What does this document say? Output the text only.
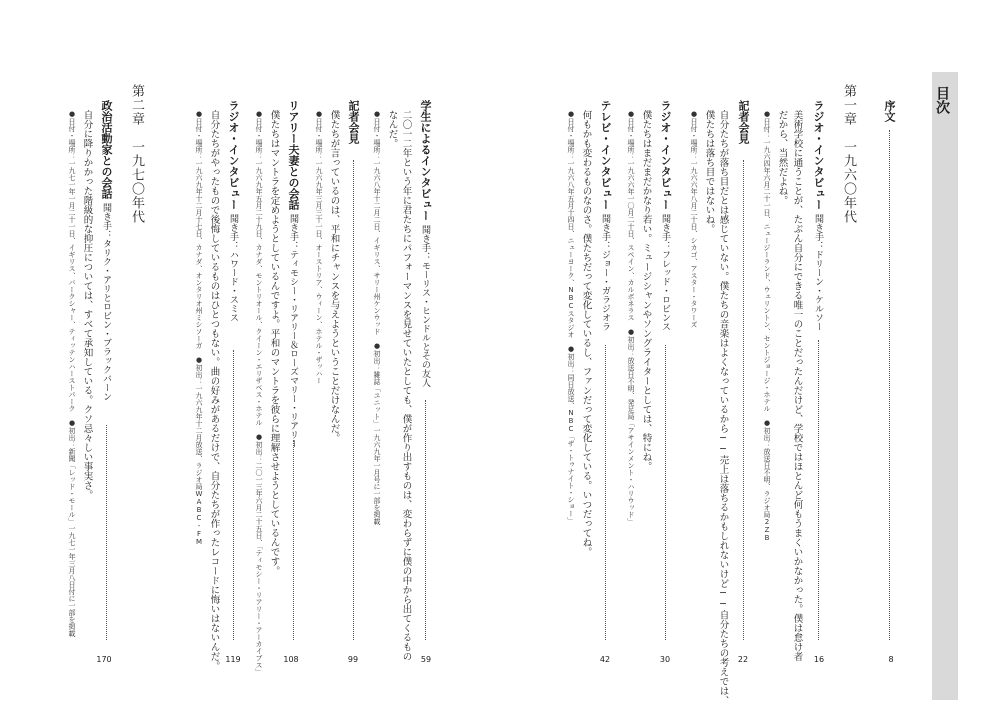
目次
序文
8
第一章　一九六〇年代
ラジオ・インタビュー聞き手：ドリーン・ケルソー
16
美術学校に通うことが、たぶん自分にできる唯一のことだったんだけど、学校ではほとんど何もうまくいかなかった。僕は怠け者
だから、当然だよね。
●日付：一九六四年六月二十一日、ニュージーランド、ウェリントン、セントジョージ・ホテル　●初出：放送日不明、ラジオ局2ZB
記者会見
22
自分たちが落ち目だとは感じていない。僕たちの音楽はよくなっているから──売上は落ちるかもしれないけど──自分たちの考えでは、
僕たちは落ち目ではないね。
●日付・場所：一九六六年八月二十日、シカゴ、アスター・タワーズ
ラジオ・インタビュー聞き手：フレッド・ロビンス
30
僕たちはまだまだかなり若い。ミュージシャンやソングライターとしては、特にね。
●日付・場所：一九六六年一〇月二十日、スペイン、カルボネラス　●初出：放送日不明、発足局「アサインメント・ハリウッド」
テレビ・インタビュー聞き手：ジョー・ガラジオラ
42
何もかも変わるものなのさ。僕たちだって変化しているし、ファンだって変化している。いつだってね。
●日付・場所：一九六八年五月十四日、ニューヨーク、NBCスタジオ　●初出：同日放送、NBC「ザ・トゥナイト・ショー」
学生によるインタビュー聞き手：モーリス・ヒンドルとその友人
59
二〇一二年という年に君たちにパフォーマンスを見せていたとしても、僕が作り出すものは、変わらずに僕の中から出てくるもの
なんだ。
●日付・場所：一九六八年十二月二日、イギリス、サリー州ケンウッド　●初出：雑誌「ユニット」一九六九年一月号に一部を掲載
記者会見
99
僕たちが言っているのは、平和にチャンスを与えようということだけなんだ。
●日付・場所：一九六九年三月三十一日、オーストリア、ウィーン、ホテル・ザッハー
リアリー夫妻との会話聞き手：ティモシー・リアリー＆ローズマリー・リアリー
108
僕たちはマントラを定めようとしているんですよ。平和のマントラを彼らに理解させようとしているんです。
●日付・場所：一九六九年五月二十九日、カナダ、モントリオール、クイーン・エリザベス・ホテル　●初出：二〇一三年六月二十五日、「ティモシー・リアリー・アーカイブス」
ラジオ・インタビュー聞き手：ハワード・スミス
119
自分たちがやったもので後悔しているものはひとつもない。曲の好みがあるだけで、自分たちが作ったレコードに悔いはないんだ。
●日付・場所：一九六九年十二月十七日、カナダ、オンタリオ州ミシソーガ　●初出：一九六九年十二月放送、ラジオ局WABC-FM
第二章　一九七〇年代
政治活動家との会話聞き手：タリク・アリとロビン・ブラックバーン
170
自分に降りかかった階級的な抑圧については、すべて承知している。クソ忌々しい事実さ。
●日付・場所：一九七一年一月二十一日、イギリス、バークシャー、ティッテンハーストパーク　●初出：新聞「レッド・モール」一九七一年三月八日付に一部を掲載
